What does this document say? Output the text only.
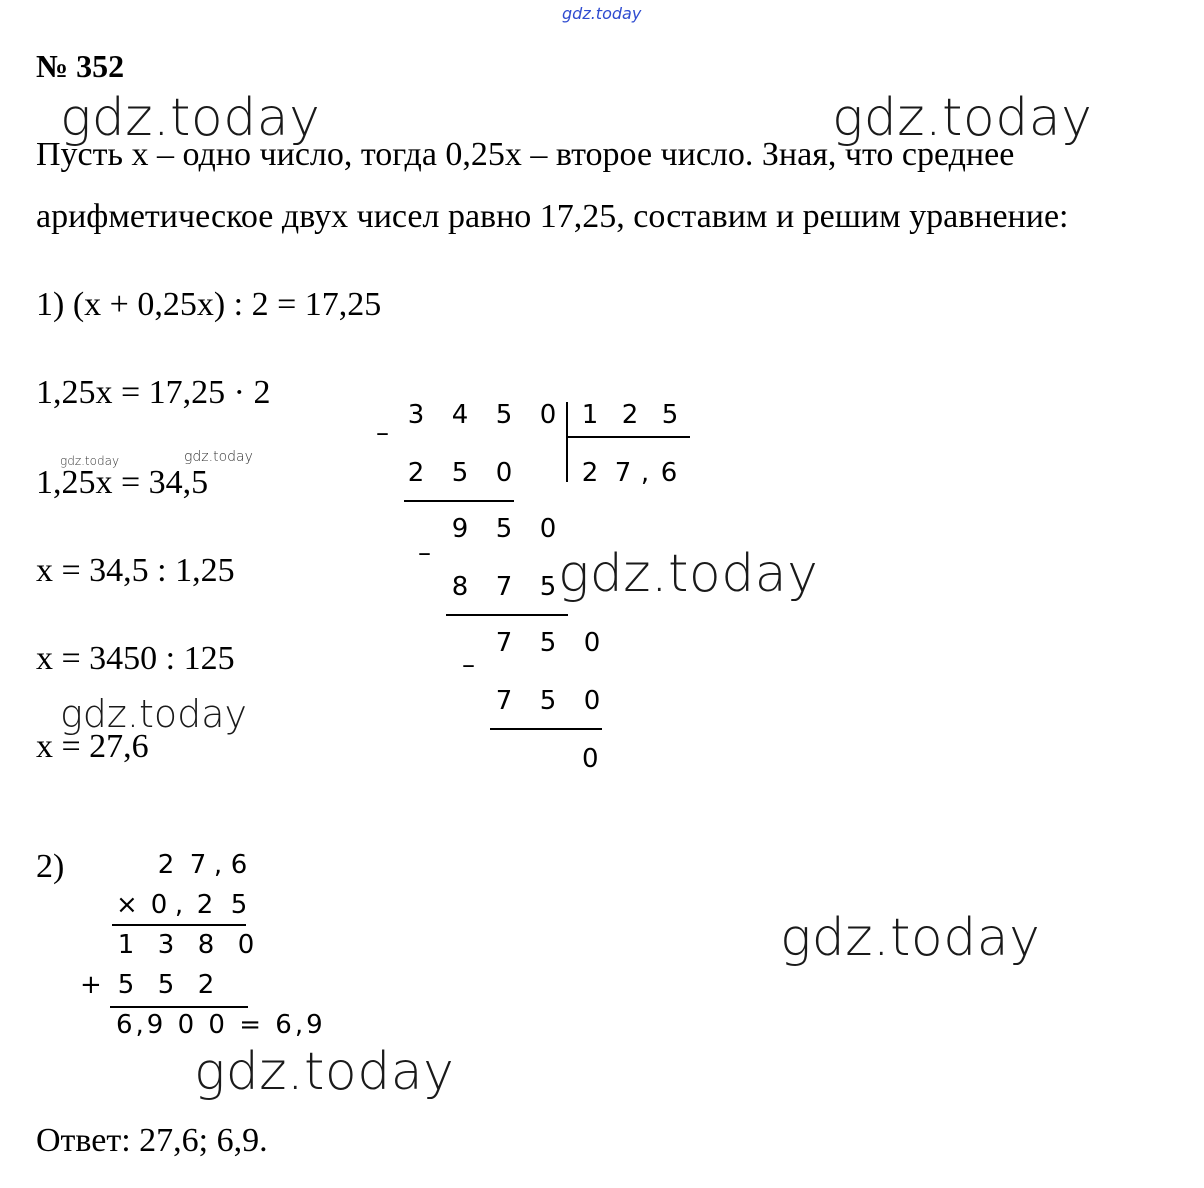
gdz.today
№ 352
gdz.today	gdz.today
Пусть x – одно число, тогда 0,25x – второе число. Зная, что среднее
арифметическое двух чисел равно 17,25, составим и решим уравнение:
1) (x + 0,25x) : 2 = 17,25
1,25x = 17,25 · 2
gdz.today	gdz.today
1,25x = 34,5
x = 34,5 : 1,25
x = 3450 : 125
gdz.today
x = 27,6
–
3 4 5 0 1 2 5
2 7 , 6
2 5 0
9 5 0
–
8 7 5
7 5 0
–
7 5 0
0
gdz.today
2)	2 7 , 6
× 0 , 2 5
1 3 8 0
+ 5 5 2
6,9 0 0 = 6,9
gdz.today
gdz.today
Ответ: 27,6; 6,9.
